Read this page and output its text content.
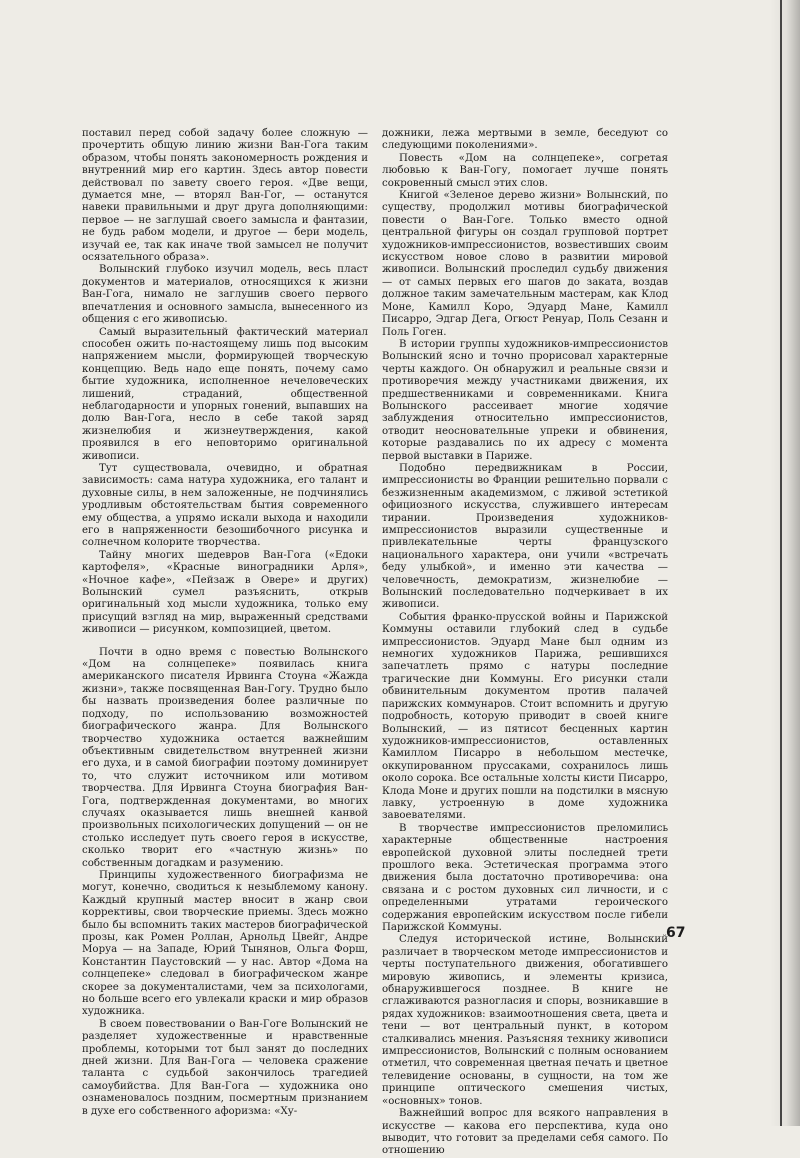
поставил перед собой задачу более сложную — прочертить общую линию жизни Ван-Гога таким образом, чтобы понять закономерность рождения и внутренний мир его картин. Здесь автор повести действовал по завету своего героя. «Две вещи, думается мне, — вторял Ван-Гог, — останутся навеки правильными и друг друга дополняющими: первое — не заглушай своего замысла и фантазии, не будь рабом модели, и другое — бери модель, изучай ее, так как иначе твой замысел не получит осязательного образа».

Волынский глубоко изучил модель, весь пласт документов и материалов, относящихся к жизни Ван-Гога, нимало не заглушив своего первого впечатления и основного замысла, вынесенного из общения с его живописью.

Самый выразительный фактический материал способен ожить по-настоящему лишь под высоким напряжением мысли, формирующей творческую концепцию. Ведь надо еще понять, почему само бытие художника, исполненное нечеловеческих лишений, страданий, общественной неблагодарности и упорных гонений, выпавших на долю Ван-Гога, несло в себе такой заряд жизнелюбия и жизнеутверждения, какой проявился в его неповторимо оригинальной живописи.

Тут существовала, очевидно, и обратная зависимость: сама натура художника, его талант и духовные силы, в нем заложенные, не подчинялись уродливым обстоятельствам бытия современного ему общества, а упрямо искали выхода и находили его в напряженности безошибочного рисунка и солнечном колорите творчества.

Тайну многих шедевров Ван-Гога («Едоки картофеля», «Красные виноградники Арля», «Ночное кафе», «Пейзаж в Овере» и других) Волынский сумел разъяснить, открыв оригинальный ход мысли художника, только ему присущий взгляд на мир, выраженный средствами живописи — рисунком, композицией, цветом.

Почти в одно время с повестью Волынского «Дом на солнцепеке» появилась книга американского писателя Ирвинга Стоуна «Жажда жизни», также посвященная Ван-Гогу. Трудно было бы назвать произведения более различные по подходу, по использованию возможностей биографического жанра. Для Волынского творчество художника остается важнейшим объективным свидетельством внутренней жизни его духа, и в самой биографии поэтому доминирует то, что служит источником или мотивом творчества. Для Ирвинга Стоуна биография Ван-Гога, подтвержденная документами, во многих случаях оказывается лишь внешней канвой произвольных психологических допущений — он не столько исследует путь своего героя в искусстве, сколько творит его «частную жизнь» по собственным догадкам и разумению.

Принципы художественного биографизма не могут, конечно, сводиться к незыблемому канону. Каждый крупный мастер вносит в жанр свои коррективы, свои творческие приемы. Здесь можно было бы вспомнить таких мастеров биографической прозы, как Ромен Роллан, Арнольд Цвейг, Андре Моруа — на Западе, Юрий Тынянов, Ольга Форш, Константин Паустовский — у нас. Автор «Дома на солнцепеке» следовал в биографическом жанре скорее за документалистами, чем за психологами, но больше всего его увлекали краски и мир образов художника.

В своем повествовании о Ван-Гоге Волынский не разделяет художественные и нравственные проблемы, которыми тот был занят до последних дней жизни. Для Ван-Гога — человека сражение таланта с судьбой закончилось трагедией самоубийства. Для Ван-Гога — художника оно ознаменовалось поздним, посмертным признанием в духе его собственного афоризма: «Ху-

дожники, лежа мертвыми в земле, беседуют со следующими поколениями».

Повесть «Дом на солнцепеке», согретая любовью к Ван-Гогу, помогает лучше понять сокровенный смысл этих слов.

Книгой «Зеленое дерево жизни» Волынский, по существу, продолжил мотивы биографической повести о Ван-Гоге. Только вместо одной центральной фигуры он создал групповой портрет художников-импрессионистов, возвестивших своим искусством новое слово в развитии мировой живописи. Волынский проследил судьбу движения — от самых первых его шагов до заката, воздав должное таким замечательным мастерам, как Клод Моне, Камилл Коро, Эдуард Мане, Камилл Писарро, Эдгар Дега, Огюст Ренуар, Поль Сезанн и Поль Гоген.

В истории группы художников-импрессионистов Волынский ясно и точно прорисовал характерные черты каждого. Он обнаружил и реальные связи и противоречия между участниками движения, их предшественниками и современниками. Книга Волынского рассеивает многие ходячие заблуждения относительно импрессионистов, отводит неосновательные упреки и обвинения, которые раздавались по их адресу с момента первой выставки в Париже.

Подобно передвижникам в России, импрессионисты во Франции решительно порвали с безжизненным академизмом, с лживой эстетикой официозного искусства, служившего интересам тирании. Произведения художников-импрессионистов выразили существенные и привлекательные черты французского национального характера, они учили «встречать беду улыбкой», и именно эти качества — человечность, демократизм, жизнелюбие — Волынский последовательно подчеркивает в их живописи.

События франко-прусской войны и Парижской Коммуны оставили глубокий след в судьбе импрессионистов. Эдуард Мане был одним из немногих художников Парижа, решившихся запечатлеть прямо с натуры последние трагические дни Коммуны. Его рисунки стали обвинительным документом против палачей парижских коммунаров. Стоит вспомнить и другую подробность, которую приводит в своей книге Волынский, — из пятисот бесценных картин художников-импрессионистов, оставленных Камиллом Писарро в небольшом местечке, оккупированном пруссаками, сохранилось лишь около сорока. Все остальные холсты кисти Писарро, Клода Моне и других пошли на подстилки в мясную лавку, устроенную в доме художника завоевателями.

В творчестве импрессионистов преломились характерные общественные настроения европейской духовной элиты последней трети прошлого века. Эстетическая программа этого движения была достаточно противоречива: она связана и с ростом духовных сил личности, и с определенными утратами героического содержания европейским искусством после гибели Парижской Коммуны.

Следуя исторической истине, Волынский различает в творческом методе импрессионистов и черты поступательного движения, обогатившего мировую живопись, и элементы кризиса, обнаружившегося позднее. В книге не сглаживаются разногласия и споры, возникавшие в рядах художников: взаимоотношения света, цвета и тени — вот центральный пункт, в котором сталкивались мнения. Разъясняя технику живописи импрессионистов, Волынский с полным основанием отметил, что современная цветная печать и цветное телевидение основаны, в сущности, на том же принципе оптического смешения чистых, «основных» тонов.

Важнейший вопрос для всякого направления в искусстве — какова его перспектива, куда оно выводит, что готовит за пределами себя самого. По отношению

67
